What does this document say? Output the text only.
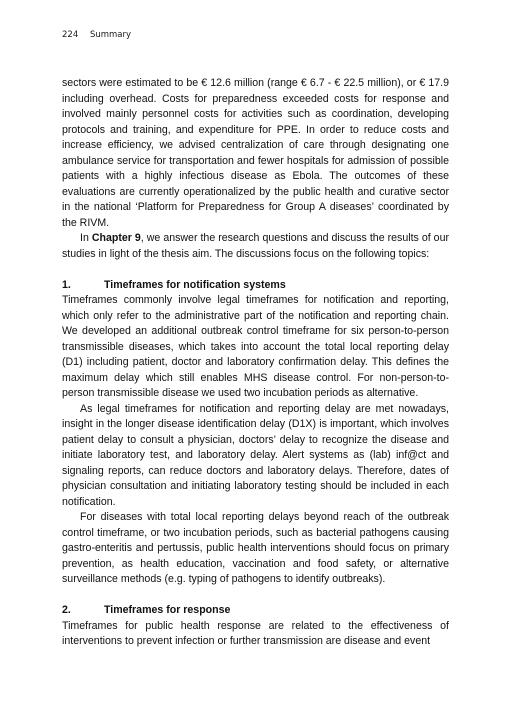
224 Summary

sectors were estimated to be € 12.6 million (range € 6.7 - € 22.5 million), or € 17.9 including overhead. Costs for preparedness exceeded costs for response and involved mainly personnel costs for activities such as coordination, developing protocols and training, and expenditure for PPE. In order to reduce costs and increase efficiency, we advised centralization of care through designating one ambulance service for transportation and fewer hospitals for admission of possible patients with a highly infectious disease as Ebola. The outcomes of these evaluations are currently operationalized by the public health and curative sector in the national ‘Platform for Preparedness for Group A diseases’ coordinated by the RIVM.

In Chapter 9, we answer the research questions and discuss the results of our studies in light of the thesis aim. The discussions focus on the following topics:

1.	Timeframes for notification systems

Timeframes commonly involve legal timeframes for notification and reporting, which only refer to the administrative part of the notification and reporting chain. We developed an additional outbreak control timeframe for six person-to-person transmissible diseases, which takes into account the total local reporting delay (D1) including patient, doctor and laboratory confirmation delay. This defines the maximum delay which still enables MHS disease control. For non-person-to-person transmissible disease we used two incubation periods as alternative.

As legal timeframes for notification and reporting delay are met nowadays, insight in the longer disease identification delay (D1X) is important, which involves patient delay to consult a physician, doctors’ delay to recognize the disease and initiate laboratory test, and laboratory delay. Alert systems as (lab) inf@ct and signaling reports, can reduce doctors and laboratory delays. Therefore, dates of physician consultation and initiating laboratory testing should be included in each notification.

For diseases with total local reporting delays beyond reach of the outbreak control timeframe, or two incubation periods, such as bacterial pathogens causing gastro-enteritis and pertussis, public health interventions should focus on primary prevention, as health education, vaccination and food safety, or alternative surveillance methods (e.g. typing of pathogens to identify outbreaks).

2.	Timeframes for response

Timeframes for public health response are related to the effectiveness of interventions to prevent infection or further transmission are disease and event
